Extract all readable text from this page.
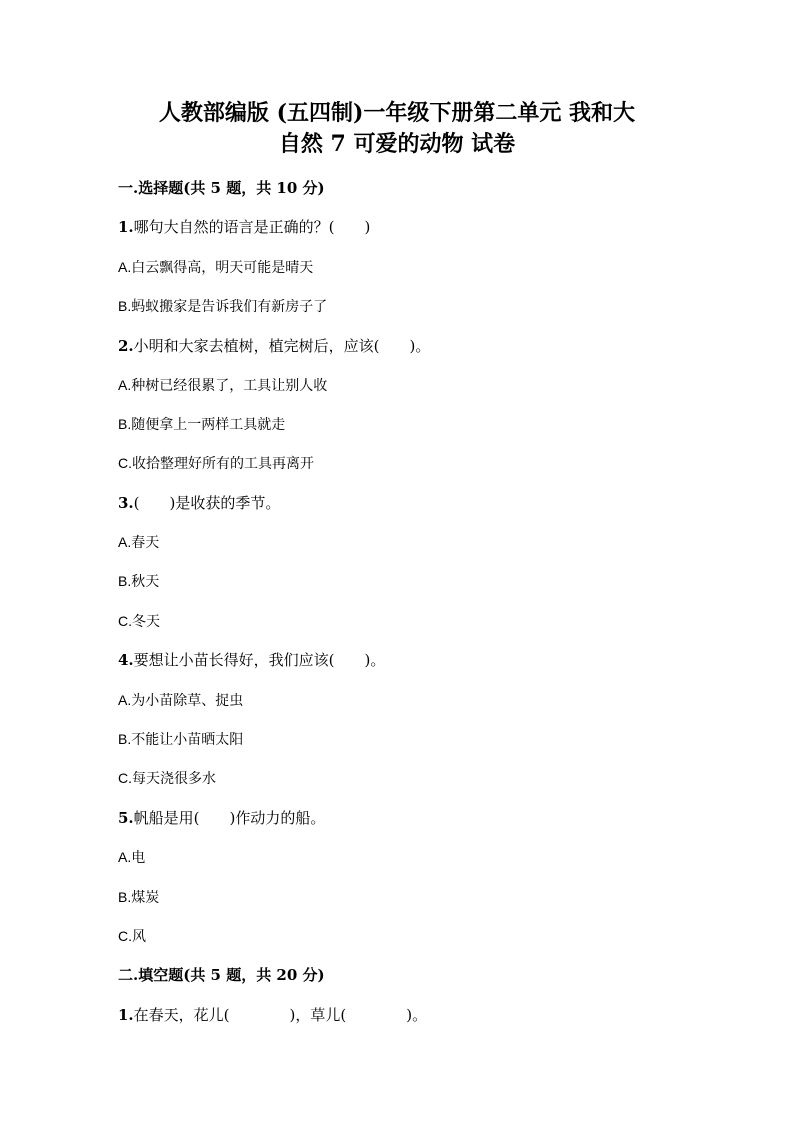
人教部编版 (五四制)一年级下册第二单元 我和大
自然 7 可爱的动物 试卷
一.选择题(共 5 题，共 10 分)
1.哪句大自然的语言是正确的？(　　)
A.白云飘得高，明天可能是晴天
B.蚂蚁搬家是告诉我们有新房子了
2.小明和大家去植树，植完树后，应该(　　)。
A.种树已经很累了，工具让别人收
B.随便拿上一两样工具就走
C.收拾整理好所有的工具再离开
3.(　　)是收获的季节。
A.春天
B.秋天
C.冬天
4.要想让小苗长得好，我们应该(　　)。
A.为小苗除草、捉虫
B.不能让小苗晒太阳
C.每天浇很多水
5.帆船是用(　　)作动力的船。
A.电
B.煤炭
C.风
二.填空题(共 5 题，共 20 分)
1.在春天，花儿(　　　　)，草儿(　　　　)。
